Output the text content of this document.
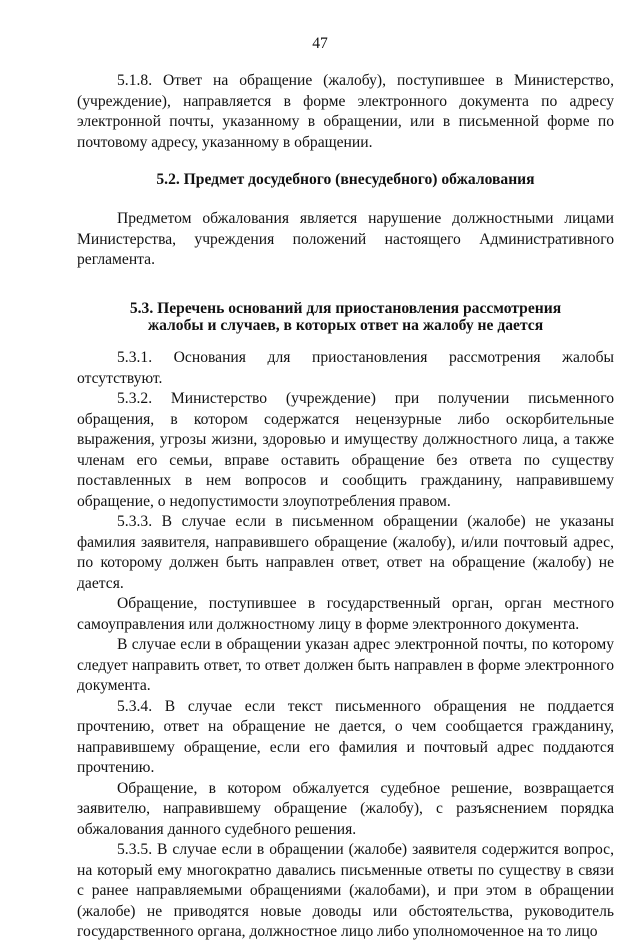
47

5.1.8. Ответ на обращение (жалобу), поступившее в Министерство, (учреждение), направляется в форме электронного документа по адресу электронной почты, указанному в обращении, или в письменной форме по почтовому адресу, указанному в обращении.

5.2. Предмет досудебного (внесудебного) обжалования

Предметом обжалования является нарушение должностными лицами Министерства, учреждения положений настоящего Административного регламента.

5.3. Перечень оснований для приостановления рассмотрения
жалобы и случаев, в которых ответ на жалобу не дается

5.3.1. Основания для приостановления рассмотрения жалобы отсутствуют.

5.3.2. Министерство (учреждение) при получении письменного обращения, в котором содержатся нецензурные либо оскорбительные выражения, угрозы жизни, здоровью и имуществу должностного лица, а также членам его семьи, вправе оставить обращение без ответа по существу поставленных в нем вопросов и сообщить гражданину, направившему обращение, о недопустимости злоупотребления правом.

5.3.3. В случае если в письменном обращении (жалобе) не указаны фамилия заявителя, направившего обращение (жалобу), и/или почтовый адрес, по которому должен быть направлен ответ, ответ на обращение (жалобу) не дается.

Обращение, поступившее в государственный орган, орган местного самоуправления или должностному лицу в форме электронного документа.

В случае если в обращении указан адрес электронной почты, по которому следует направить ответ, то ответ должен быть направлен в форме электронного документа.

5.3.4. В случае если текст письменного обращения не поддается прочтению, ответ на обращение не дается, о чем сообщается гражданину, направившему обращение, если его фамилия и почтовый адрес поддаются прочтению.

Обращение, в котором обжалуется судебное решение, возвращается заявителю, направившему обращение (жалобу), с разъяснением порядка обжалования данного судебного решения.

5.3.5. В случае если в обращении (жалобе) заявителя содержится вопрос, на который ему многократно давались письменные ответы по существу в связи с ранее направляемыми обращениями (жалобами), и при этом в обращении (жалобе) не приводятся новые доводы или обстоятельства, руководитель государственного органа, должностное лицо либо уполномоченное на то лицо
